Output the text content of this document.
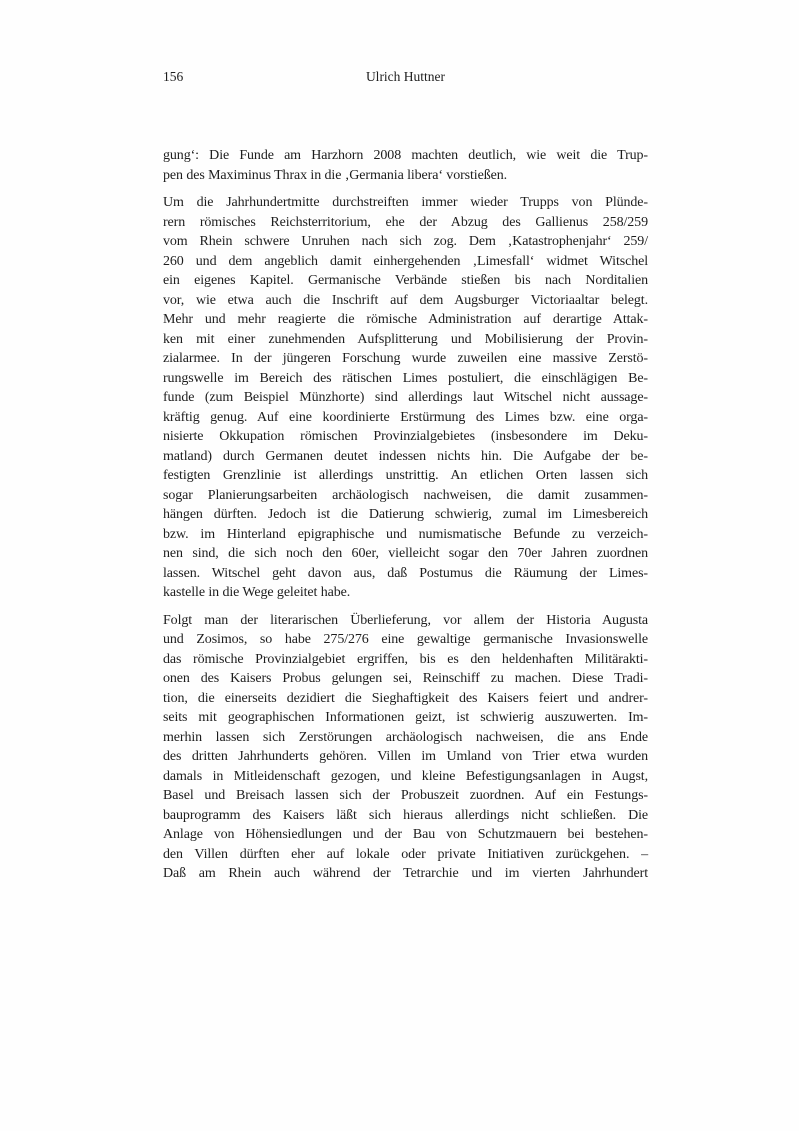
156	Ulrich Huttner
gung‘: Die Funde am Harzhorn 2008 machten deutlich, wie weit die Trup-
pen des Maximinus Thrax in die ‚Germania libera‘ vorstießen.
Um die Jahrhundertmitte durchstreiften immer wieder Trupps von Plünde-
rern römisches Reichsterritorium, ehe der Abzug des Gallienus 258/259
vom Rhein schwere Unruhen nach sich zog. Dem ‚Katastrophenjahr‘ 259/
260 und dem angeblich damit einhergehenden ‚Limesfall‘ widmet Witschel
ein eigenes Kapitel. Germanische Verbände stießen bis nach Norditalien
vor, wie etwa auch die Inschrift auf dem Augsburger Victoriaaltar belegt.
Mehr und mehr reagierte die römische Administration auf derartige Attak-
ken mit einer zunehmenden Aufsplitterung und Mobilisierung der Provin-
zialarmee. In der jüngeren Forschung wurde zuweilen eine massive Zerstö-
rungswelle im Bereich des rätischen Limes postuliert, die einschlägigen Be-
funde (zum Beispiel Münzhorte) sind allerdings laut Witschel nicht aussage-
kräftig genug. Auf eine koordinierte Erstürmung des Limes bzw. eine orga-
nisierte Okkupation römischen Provinzialgebietes (insbesondere im Deku-
matland) durch Germanen deutet indessen nichts hin. Die Aufgabe der be-
festigten Grenzlinie ist allerdings unstrittig. An etlichen Orten lassen sich
sogar Planierungsarbeiten archäologisch nachweisen, die damit zusammen-
hängen dürften. Jedoch ist die Datierung schwierig, zumal im Limesbereich
bzw. im Hinterland epigraphische und numismatische Befunde zu verzeich-
nen sind, die sich noch den 60er, vielleicht sogar den 70er Jahren zuordnen
lassen. Witschel geht davon aus, daß Postumus die Räumung der Limes-
kastelle in die Wege geleitet habe.
Folgt man der literarischen Überlieferung, vor allem der Historia Augusta
und Zosimos, so habe 275/276 eine gewaltige germanische Invasionswelle
das römische Provinzialgebiet ergriffen, bis es den heldenhaften Militärakti-
onen des Kaisers Probus gelungen sei, Reinschiff zu machen. Diese Tradi-
tion, die einerseits dezidiert die Sieghaftigkeit des Kaisers feiert und andrer-
seits mit geographischen Informationen geizt, ist schwierig auszuwerten. Im-
merhin lassen sich Zerstörungen archäologisch nachweisen, die ans Ende
des dritten Jahrhunderts gehören. Villen im Umland von Trier etwa wurden
damals in Mitleidenschaft gezogen, und kleine Befestigungsanlagen in Augst,
Basel und Breisach lassen sich der Probuszeit zuordnen. Auf ein Festungs-
bauprogramm des Kaisers läßt sich hieraus allerdings nicht schließen. Die
Anlage von Höhensiedlungen und der Bau von Schutzmauern bei bestehen-
den Villen dürften eher auf lokale oder private Initiativen zurückgehen. –
Daß am Rhein auch während der Tetrarchie und im vierten Jahrhundert
